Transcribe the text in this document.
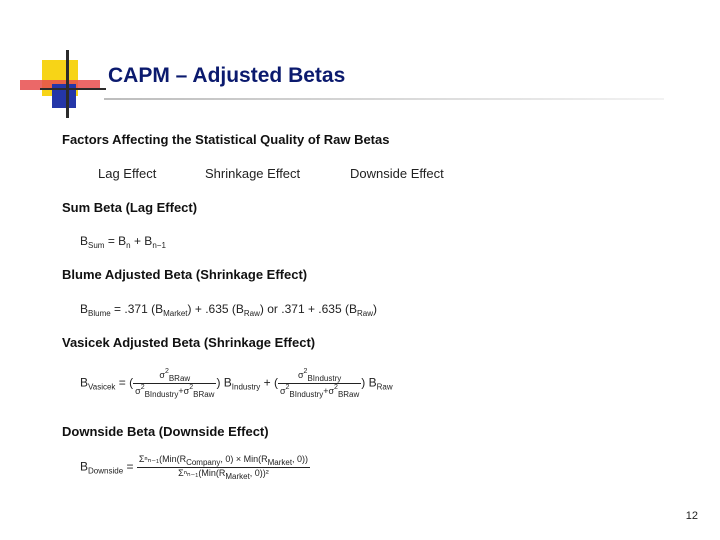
CAPM – Adjusted Betas
Factors Affecting the Statistical Quality of Raw Betas
Lag Effect	Shrinkage Effect	Downside Effect
Sum Beta (Lag Effect)
$B_{Sum} = B_n + B_{n-1}$
Blume Adjusted Beta (Shrinkage Effect)
$B_{Blume} = .371$ $(B_{Market}) + .635$ $(B_{Raw})$ or .371 + .635 $(B_{Raw})$
Vasicek Adjusted Beta (Shrinkage Effect)
$B_{Vasicek}$ = ( $\frac{\sigma^2BRaw}{\sigma^2BIndustry+\sigma^2BRaw}$ ) $B_{Industry}$ + ( $\frac{\sigma^2BIndustry}{\sigma^2BIndustry+\sigma^2BRaw}$ ) $B_{Raw}$
Downside Beta (Downside Effect)
$B_{Downside} = \frac{\text{Σⁿₙ₋₁(Min(RCompany, 0) × Min(RMarket, 0))}}{\text{Σⁿₙ₋₁(Min(RMarket, 0))²}}$
12
